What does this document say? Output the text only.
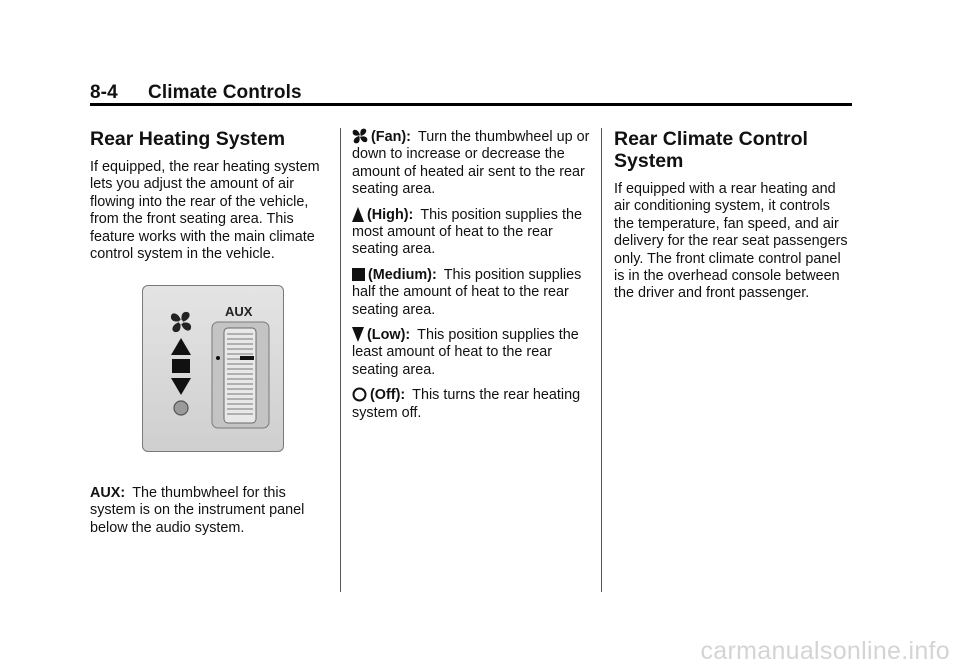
8-4 Climate Controls
Rear Heating System

If equipped, the rear heating system lets you adjust the amount of air flowing into the rear of the vehicle, from the front seating area. This feature works with the main climate control system in the vehicle.

AUX
AUX: The thumbwheel for this system is on the instrument panel below the audio system.

(Fan): Turn the thumbwheel up or down to increase or decrease the amount of heated air sent to the rear seating area.

(High): This position supplies the most amount of heat to the rear seating area.

(Medium): This position supplies half the amount of heat to the rear seating area.

(Low): This position supplies the least amount of heat to the rear seating area.

(Off): This turns the rear heating system off.

Rear Climate Control System

If equipped with a rear heating and air conditioning system, it controls the temperature, fan speed, and air delivery for the rear seat passengers only. The front climate control panel is in the overhead console between the driver and front passenger.

carmanualsonline.info
